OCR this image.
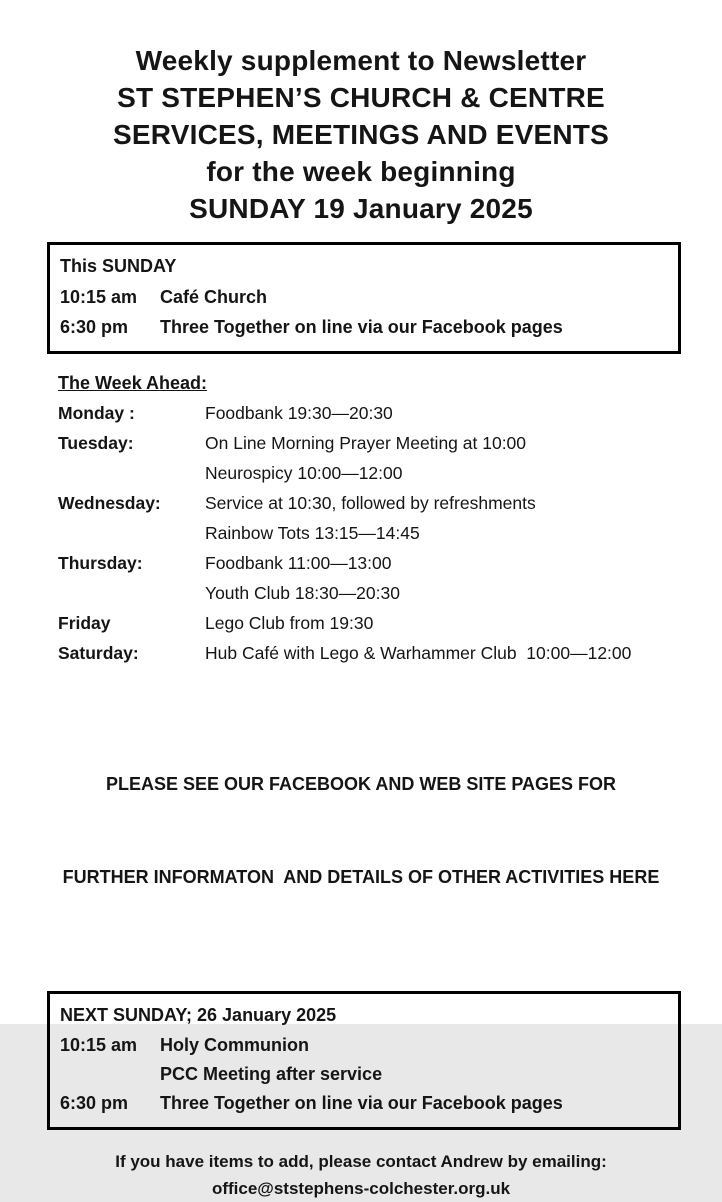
Weekly supplement to Newsletter
ST STEPHEN’S CHURCH & CENTRE
SERVICES, MEETINGS AND EVENTS
for the week beginning
SUNDAY 19 January 2025
This SUNDAY
10:15 am	Café Church
6:30 pm	Three Together on line via our Facebook pages
The Week Ahead:
Monday :	Foodbank 19:30—20:30
Tuesday:	On Line Morning Prayer Meeting at 10:00
Neurospicy 10:00—12:00
Wednesday:	Service at 10:30, followed by refreshments
Rainbow Tots 13:15—14:45
Thursday:	Foodbank 11:00—13:00
Youth Club 18:30—20:30
Friday	Lego Club from 19:30
Saturday:	Hub Café with Lego & Warhammer Club  10:00—12:00

PLEASE SEE OUR FACEBOOK AND WEB SITE PAGES FOR

FURTHER INFORMATON  AND DETAILS OF OTHER ACTIVITIES HERE

NEXT SUNDAY; 26 January 2025
10:15 am	Holy Communion
PCC Meeting after service
6:30 pm	Three Together on line via our Facebook pages
If you have items to add, please contact Andrew by emailing:
office@ststephens-colchester.org.uk
